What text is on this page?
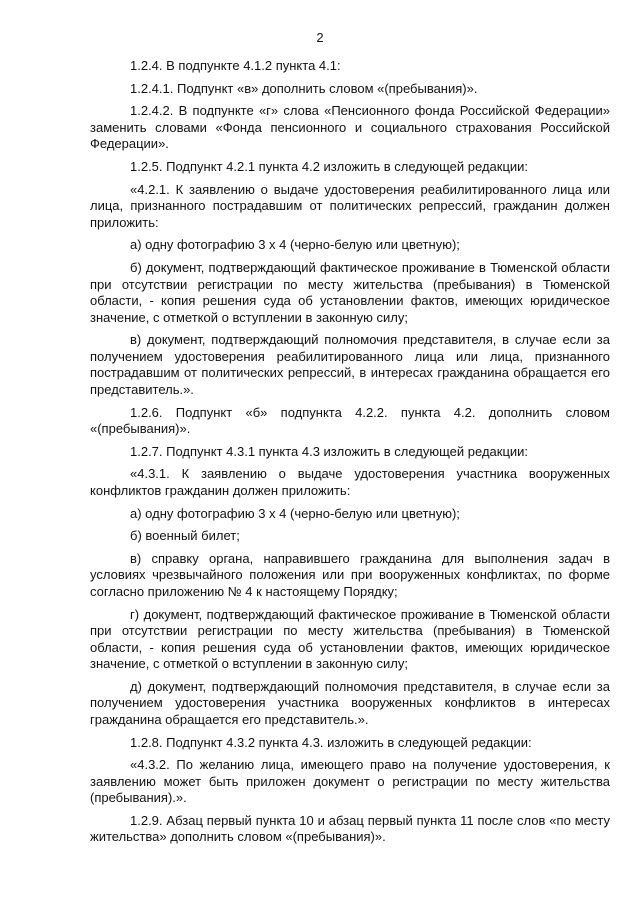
2

1.2.4. В подпункте 4.1.2 пункта 4.1:

1.2.4.1. Подпункт «в» дополнить словом «(пребывания)».

1.2.4.2. В подпункте «г» слова «Пенсионного фонда Российской Федерации» заменить словами «Фонда пенсионного и социального страхования Российской Федерации».

1.2.5. Подпункт 4.2.1 пункта 4.2 изложить в следующей редакции:

«4.2.1. К заявлению о выдаче удостоверения реабилитированного лица или лица, признанного пострадавшим от политических репрессий, гражданин должен приложить:

а) одну фотографию 3 х 4 (черно-белую или цветную);

б) документ, подтверждающий фактическое проживание в Тюменской области при отсутствии регистрации по месту жительства (пребывания) в Тюменской области, - копия решения суда об установлении фактов, имеющих юридическое значение, с отметкой о вступлении в законную силу;

в) документ, подтверждающий полномочия представителя, в случае если за получением удостоверения реабилитированного лица или лица, признанного пострадавшим от политических репрессий, в интересах гражданина обращается его представитель.».

1.2.6. Подпункт «б» подпункта 4.2.2. пункта 4.2. дополнить словом «(пребывания)».

1.2.7. Подпункт 4.3.1 пункта 4.3 изложить в следующей редакции:

«4.3.1. К заявлению о выдаче удостоверения участника вооруженных конфликтов гражданин должен приложить:

а) одну фотографию 3 х 4 (черно-белую или цветную);

б) военный билет;

в) справку органа, направившего гражданина для выполнения задач в условиях чрезвычайного положения или при вооруженных конфликтах, по форме согласно приложению № 4 к настоящему Порядку;

г) документ, подтверждающий фактическое проживание в Тюменской области при отсутствии регистрации по месту жительства (пребывания) в Тюменской области, - копия решения суда об установлении фактов, имеющих юридическое значение, с отметкой о вступлении в законную силу;

д) документ, подтверждающий полномочия представителя, в случае если за получением удостоверения участника вооруженных конфликтов в интересах гражданина обращается его представитель.».

1.2.8. Подпункт 4.3.2 пункта 4.3. изложить в следующей редакции:

«4.3.2. По желанию лица, имеющего право на получение удостоверения, к заявлению может быть приложен документ о регистрации по месту жительства (пребывания).».

1.2.9. Абзац первый пункта 10 и абзац первый пункта 11 после слов «по месту жительства» дополнить словом «(пребывания)».
